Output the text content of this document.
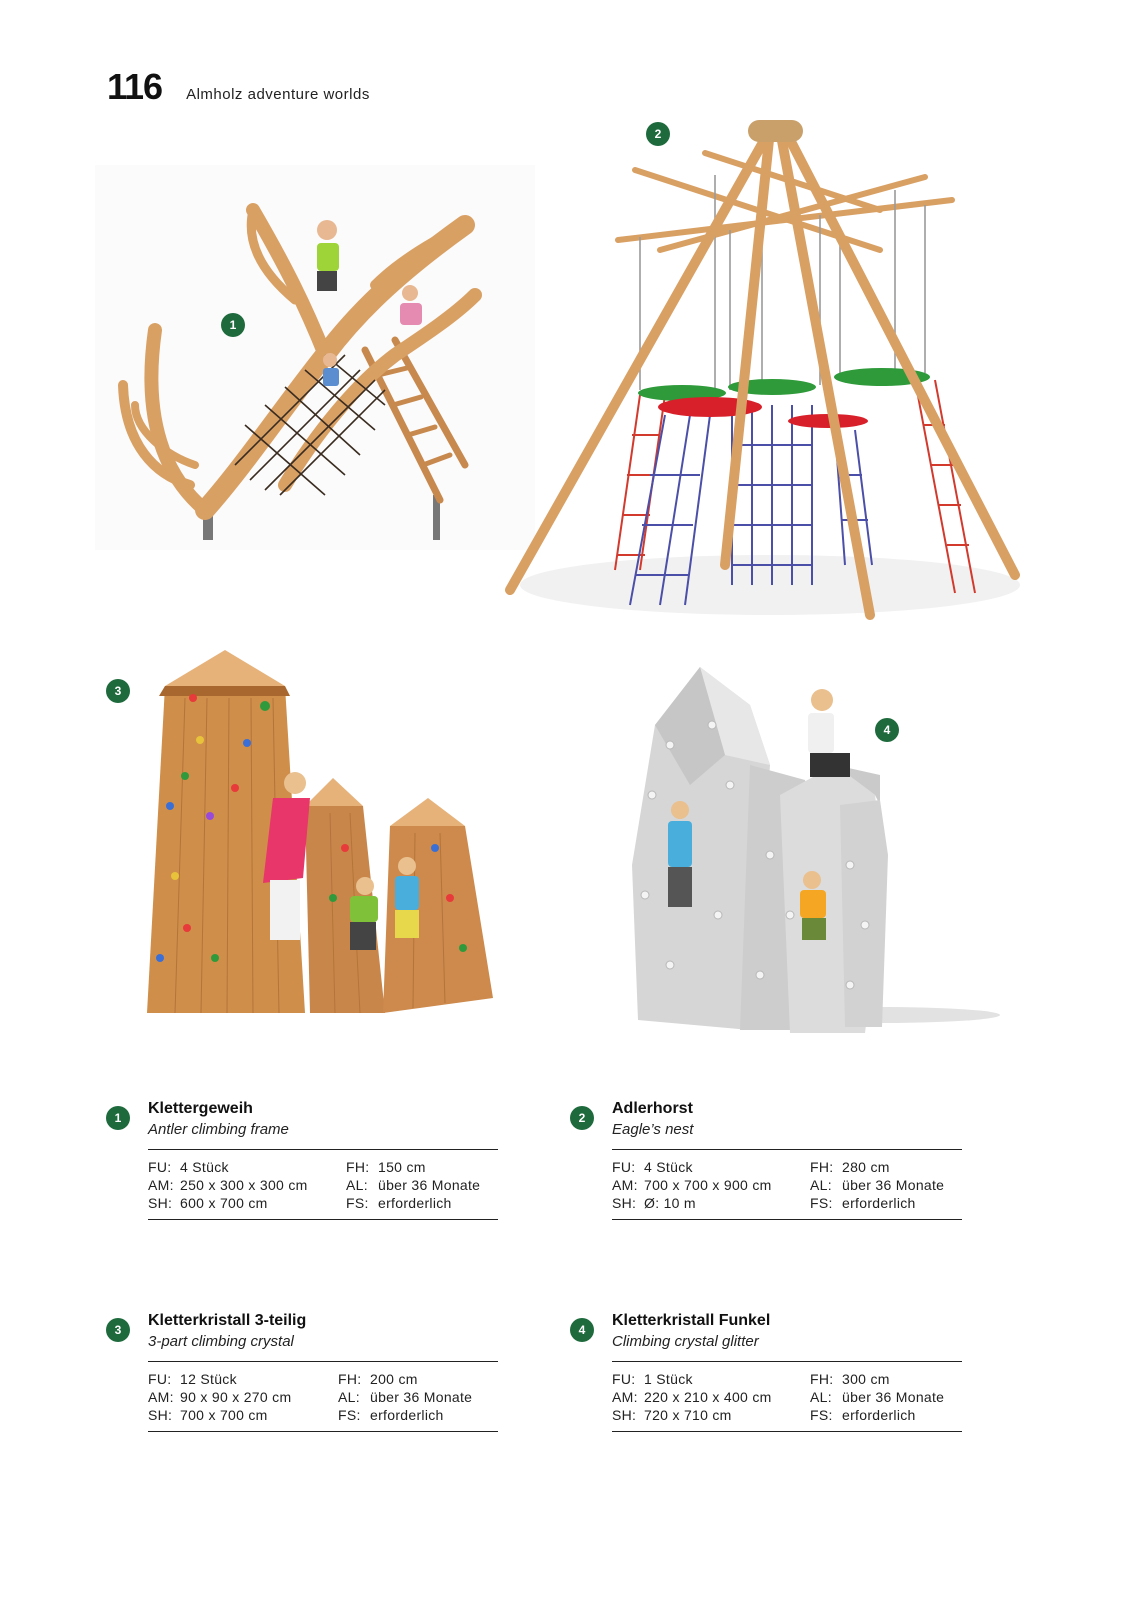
116 Almholz adventure worlds
1
2
3
4
1
Klettergeweih
Antler climbing frame
FU: 4 Stück	FH: 150 cm
AM: 250 x 300 x 300 cm	AL: über 36 Monate
SH: 600 x 700 cm	FS: erforderlich
2
Adlerhorst
Eagle’s nest
FU: 4 Stück	FH: 280 cm
AM: 700 x 700 x 900 cm	AL: über 36 Monate
SH: Ø: 10 m	FS: erforderlich
3
Kletterkristall 3-teilig
3-part climbing crystal
FU: 12 Stück	FH: 200 cm
AM: 90 x 90 x 270 cm	AL: über 36 Monate
SH: 700 x 700 cm	FS: erforderlich
4
Kletterkristall Funkel
Climbing crystal glitter
FU: 1 Stück	FH: 300 cm
AM: 220 x 210 x 400 cm	AL: über 36 Monate
SH: 720 x 710 cm	FS: erforderlich
